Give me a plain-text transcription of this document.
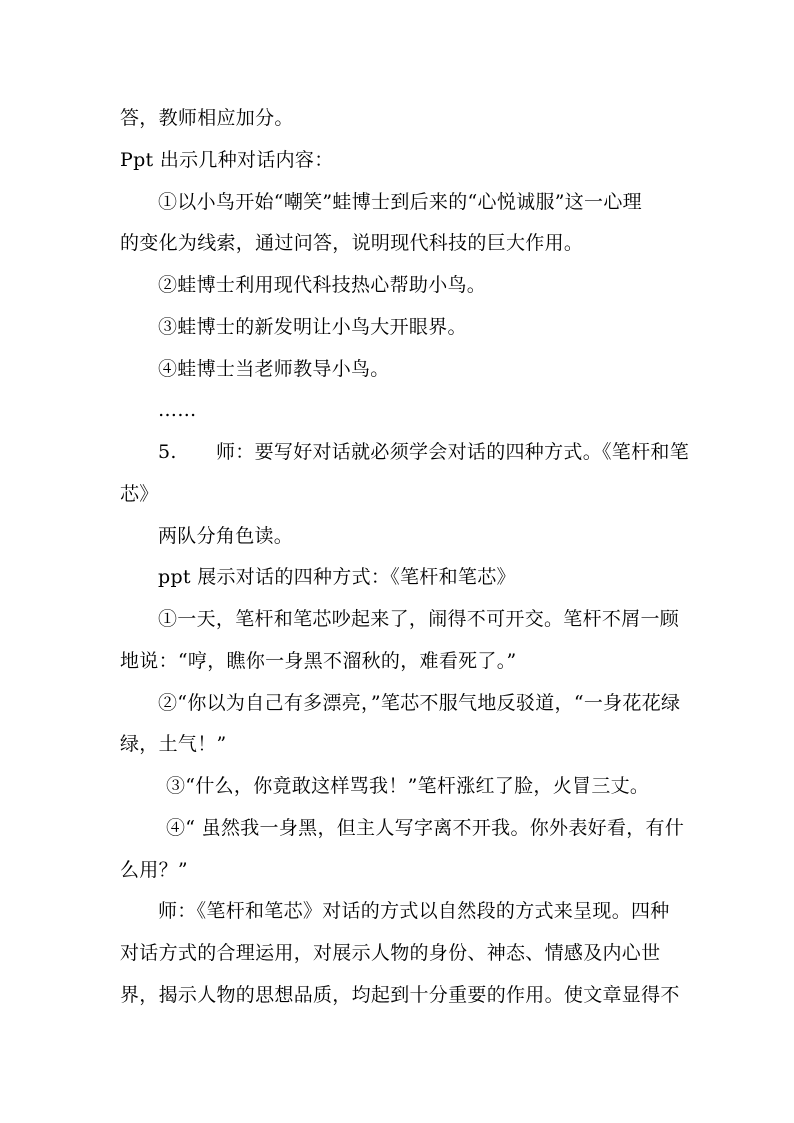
答，教师相应加分。
Ppt 出示几种对话内容：
①以小鸟开始“嘲笑”蛙博士到后来的“心悦诚服”这一心理
的变化为线索，通过问答，说明现代科技的巨大作用。
②蛙博士利用现代科技热心帮助小鸟。
③蛙博士的新发明让小鸟大开眼界。
④蛙博士当老师教导小鸟。
……
5. 师：要写好对话就必须学会对话的四种方式。《笔杆和笔
芯》
两队分角色读。
ppt 展示对话的四种方式：《笔杆和笔芯》
①一天，笔杆和笔芯吵起来了，闹得不可开交。笔杆不屑一顾
地说：“哼，瞧你一身黑不溜秋的，难看死了。”
②“你以为自己有多漂亮，”笔芯不服气地反驳道，“一身花花绿
绿，土气！”
③“什么，你竟敢这样骂我！”笔杆涨红了脸，火冒三丈。
④“ 虽然我一身黑，但主人写字离不开我。你外表好看，有什
么用？”
师：《笔杆和笔芯》对话的方式以自然段的方式来呈现。四种
对话方式的合理运用，对展示人物的身份、神态、情感及内心世
界，揭示人物的思想品质，均起到十分重要的作用。使文章显得不
